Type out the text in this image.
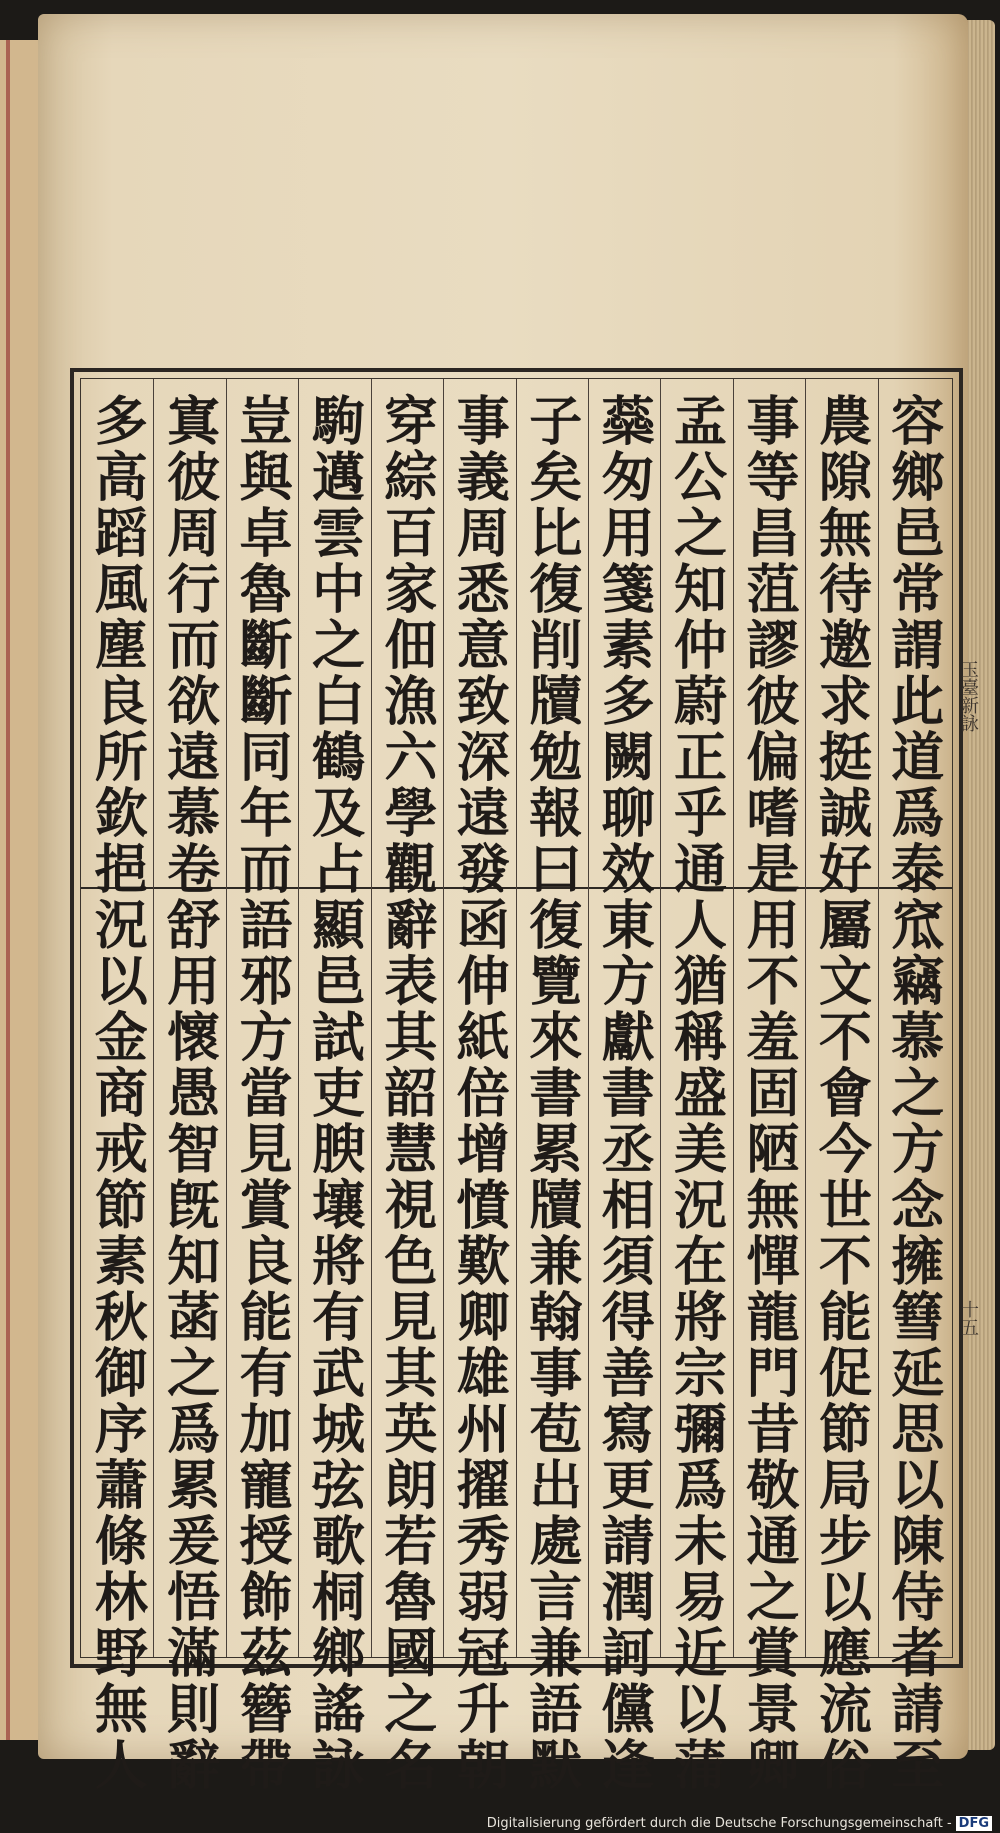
容鄉邑常謂此道爲泰窊竊慕之方念擁篲延思以陳侍者請至
農隙無待邀求挺誠好屬文不會今世不能促節局步以應流俗
事等昌菹謬彼偏嗜是用不羞固陋無憚龍門昔敬通之賞景卿
孟公之知仲蔚正乎通人猶稱盛美況在將宗彌爲未易近以蒲
蘂匆用箋素多闕聊效東方獻書丞相須得善寫更請潤訶儻逢
子矣比復削牘勉報曰復覽來書累牘兼翰事苞出處言兼語默
事義周悉意致深遠發函伸紙倍增憤歎卿雄州擢秀弱冠升朝
穿綜百家佃漁六學觀辭表其韶慧視色見其英朗若魯國之名
駒邁雲中之白鶴及占顯邑試吏腴壤將有武城弦歌桐鄉謠詠
豈與卓魯斷斷同年而語邪方當見賞良能有加寵授飾茲簪帶
寘彼周行而欲遠慕卷舒用懷愚智旣知菡之爲累爰悟滿則辭
多高蹈風塵良所欽挹況以金商戒節素秋御序蕭條林野無人	玉臺新詠
十五
Digitalisierung gefördert durch die Deutsche Forschungsgemeinschaft - DFG
